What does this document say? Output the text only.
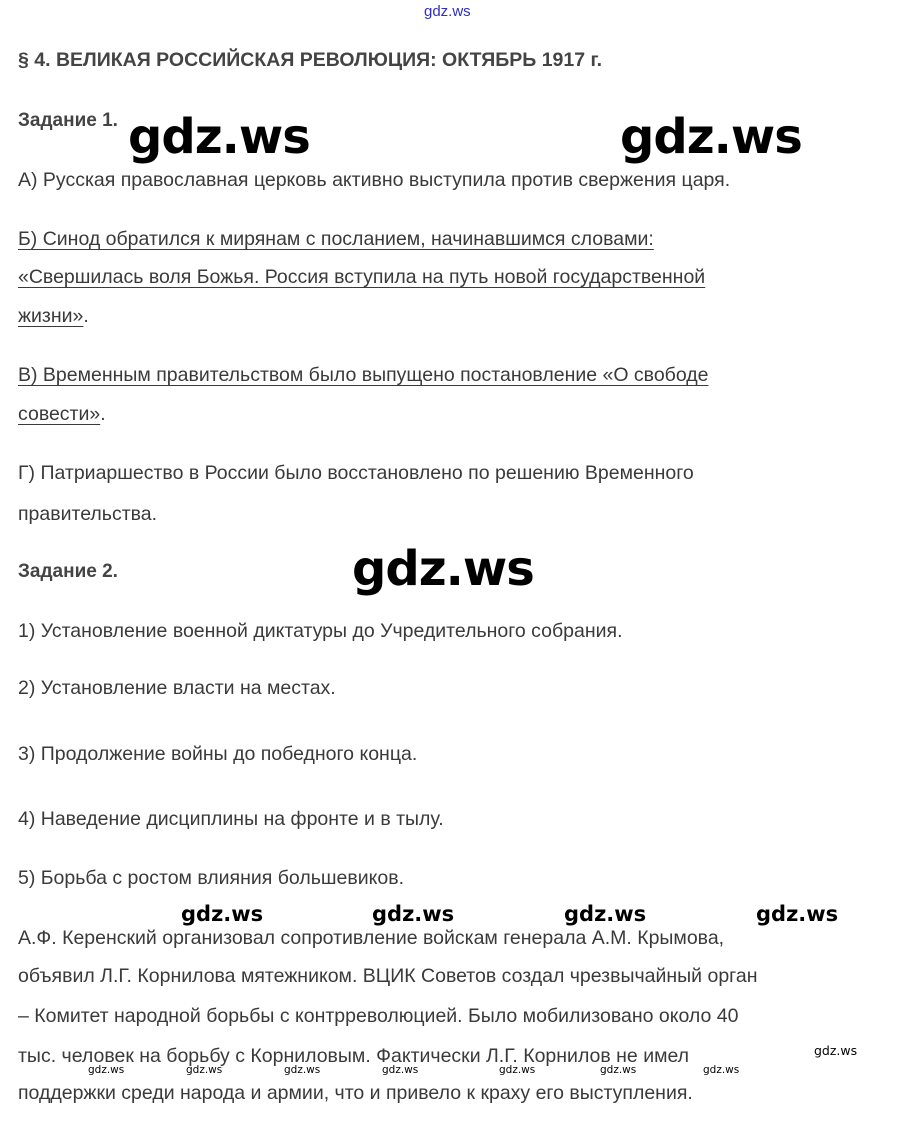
gdz.ws
§ 4. ВЕЛИКАЯ РОССИЙСКАЯ РЕВОЛЮЦИЯ: ОКТЯБРЬ 1917 г.
Задание 1. gdz.ws	gdz.ws
А) Русская православная церковь активно выступила против свержения царя.
Б) Синод обратился к мирянам с посланием, начинавшимся словами:
«Свершилась воля Божья. Россия вступила на путь новой государственной
жизни».
В) Временным правительством было выпущено постановление «О свободе
совести».
Г) Патриаршество в России было восстановлено по решению Временного
правительства.
Задание 2.	gdz.ws
1) Установление военной диктатуры до Учредительного собрания.
2) Установление власти на местах.
3) Продолжение войны до победного конца.
4) Наведение дисциплины на фронте и в тылу.
5) Борьба с ростом влияния большевиков.
gdz.ws	gdz.ws	gdz.ws	gdz.ws
А.Ф. Керенский организовал сопротивление войскам генерала А.М. Крымова,
объявил Л.Г. Корнилова мятежником. ВЦИК Советов создал чрезвычайный орган
– Комитет народной борьбы с контрреволюцией. Было мобилизовано около 40
тыс. человек на борьбу с Корниловым. Фактически Л.Г. Корнилов не имел	gdz.ws
gdz.ws	gdz.ws	gdz.ws	gdz.ws	gdz.ws	gdz.ws	gdz.ws
поддержки среди народа и армии, что и привело к краху его выступления.
